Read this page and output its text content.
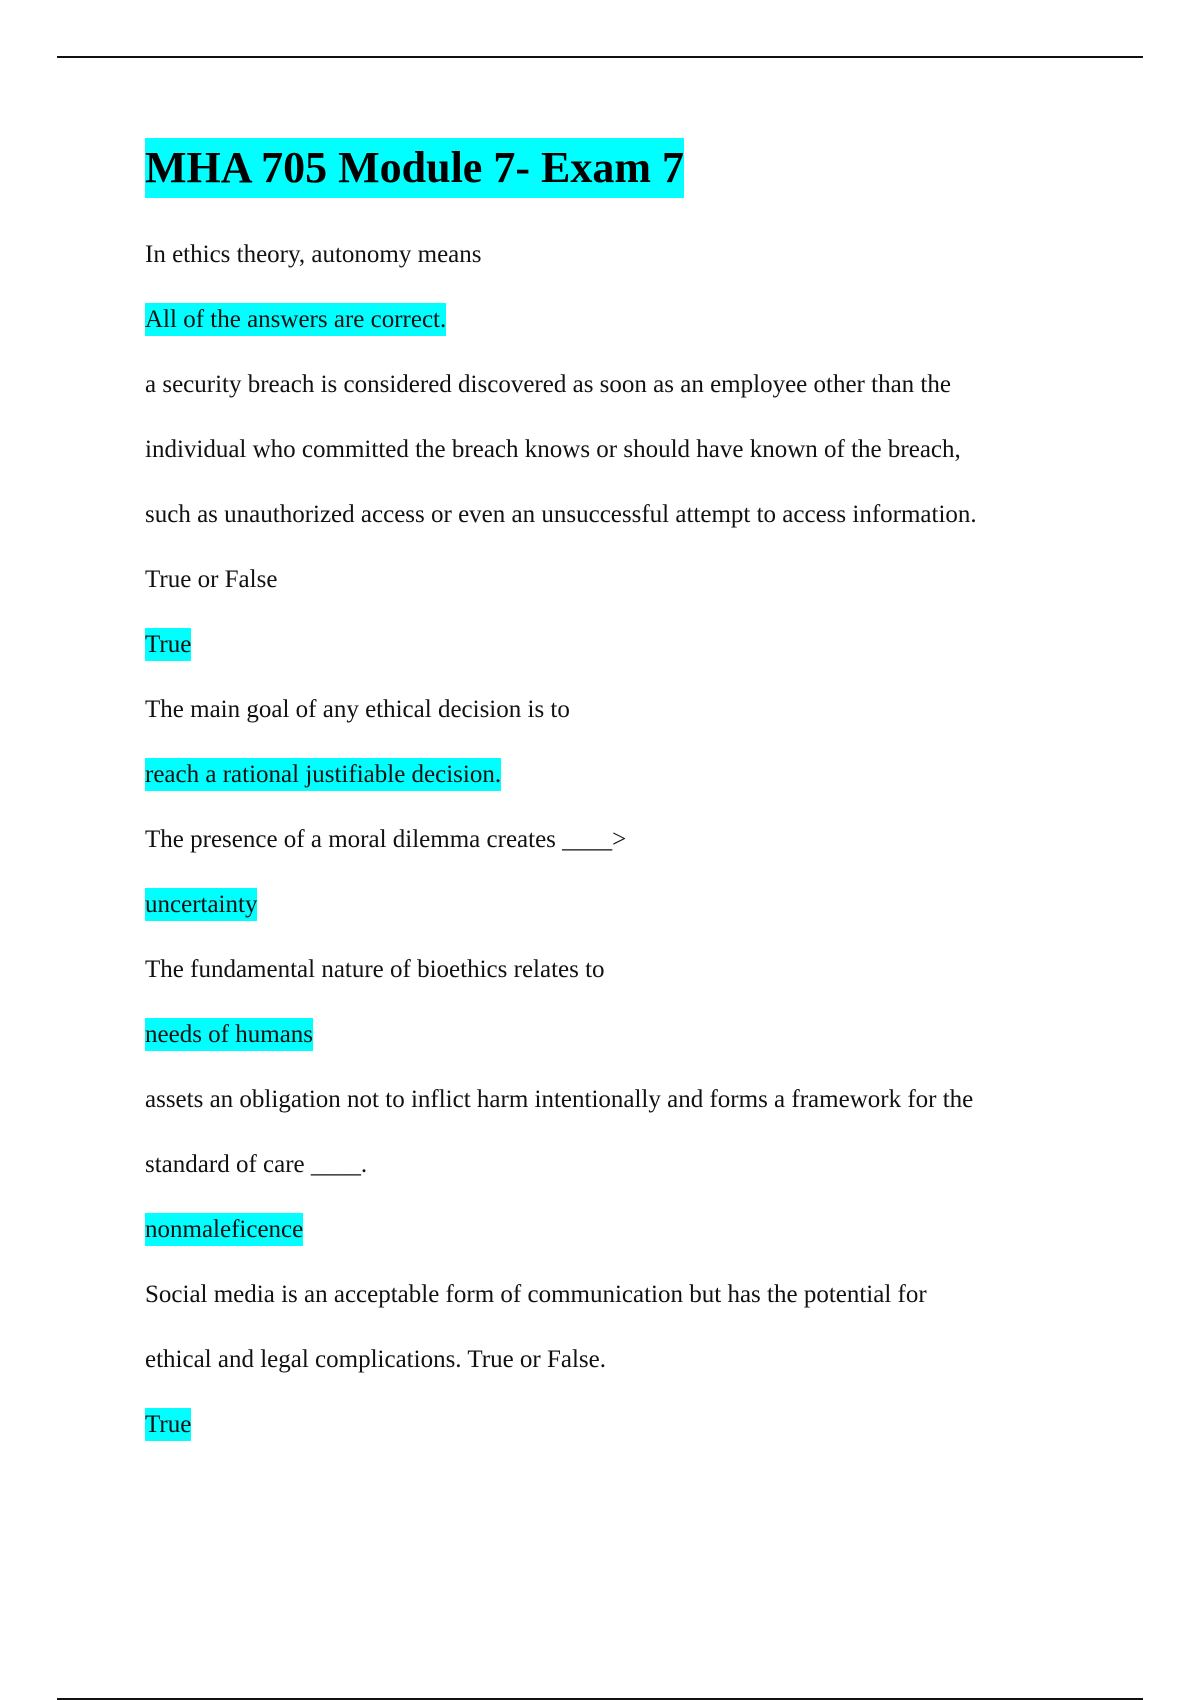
MHA 705 Module 7- Exam 7
In ethics theory, autonomy means
All of the answers are correct.
a security breach is considered discovered as soon as an employee other than the
individual who committed the breach knows or should have known of the breach,
such as unauthorized access or even an unsuccessful attempt to access information.
True or False
True
The main goal of any ethical decision is to
reach a rational justifiable decision.
The presence of a moral dilemma creates ____>
uncertainty
The fundamental nature of bioethics relates to
needs of humans
assets an obligation not to inflict harm intentionally and forms a framework for the
standard of care ____.
nonmaleficence
Social media is an acceptable form of communication but has the potential for
ethical and legal complications. True or False.
True
